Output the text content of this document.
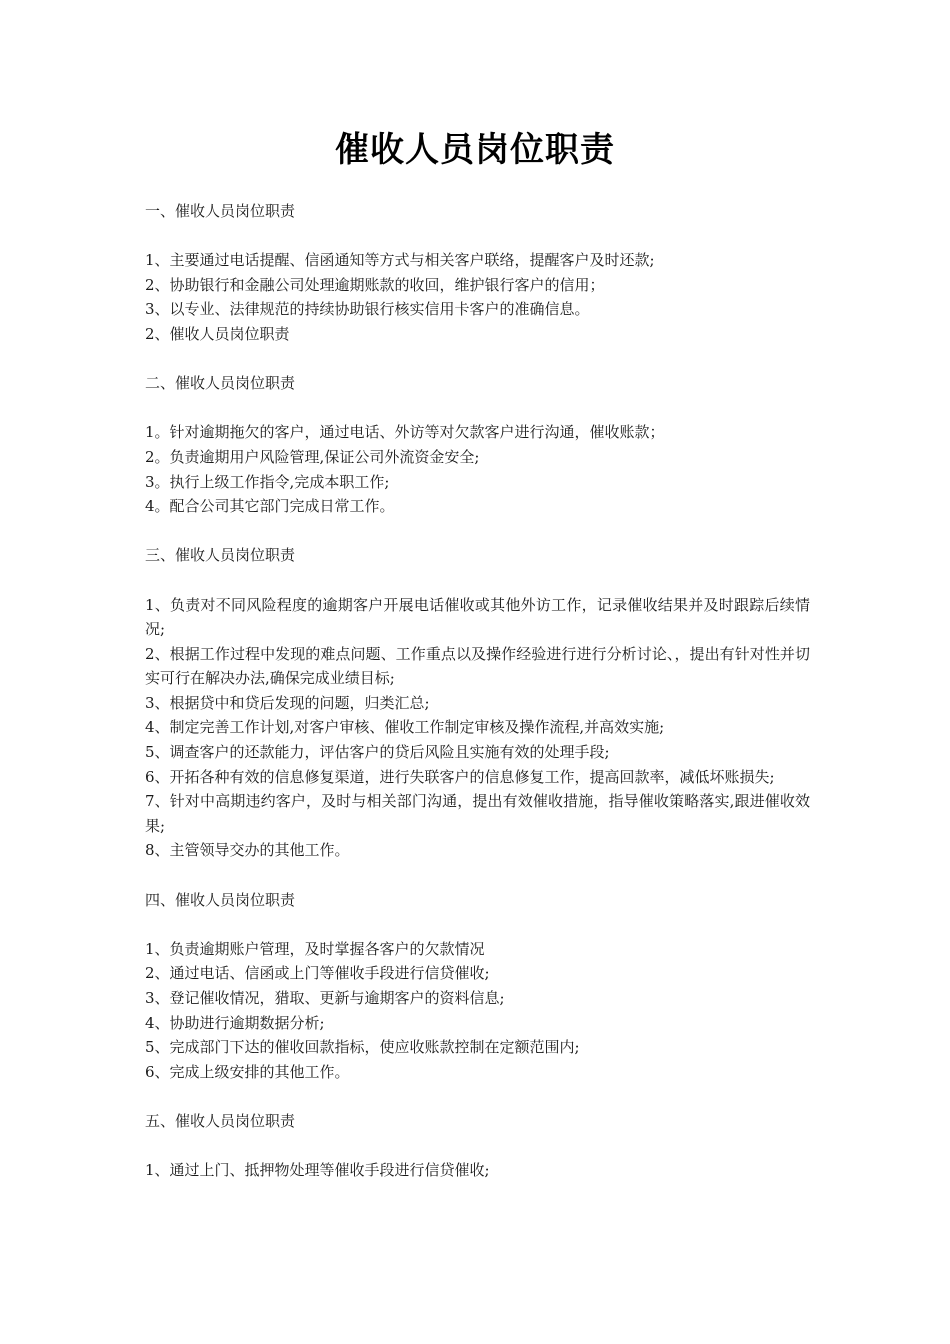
催收人员岗位职责

一、催收人员岗位职责

1、主要通过电话提醒、信函通知等方式与相关客户联络，提醒客户及时还款;

2、协助银行和金融公司处理逾期账款的收回，维护银行客户的信用；

3、以专业、法律规范的持续协助银行核实信用卡客户的准确信息。

2、催收人员岗位职责

二、催收人员岗位职责

1。针对逾期拖欠的客户，通过电话、外访等对欠款客户进行沟通，催收账款；

2。负责逾期用户风险管理,保证公司外流资金安全;

3。执行上级工作指令,完成本职工作;

4。配合公司其它部门完成日常工作。

三、催收人员岗位职责

1、负责对不同风险程度的逾期客户开展电话催收或其他外访工作，记录催收结果并及时跟踪后续情况;

2、根据工作过程中发现的难点问题、工作重点以及操作经验进行进行分析讨论、，提出有针对性并切实可行在解决办法,确保完成业绩目标;

3、根据贷中和贷后发现的问题，归类汇总;

4、制定完善工作计划,对客户审核、催收工作制定审核及操作流程,并高效实施;

5、调查客户的还款能力，评估客户的贷后风险且实施有效的处理手段;

6、开拓各种有效的信息修复渠道，进行失联客户的信息修复工作，提高回款率，减低坏账损失;

7、针对中高期违约客户，及时与相关部门沟通，提出有效催收措施，指导催收策略落实,跟进催收效果;

8、主管领导交办的其他工作。

四、催收人员岗位职责

1、负责逾期账户管理，及时掌握各客户的欠款情况

2、通过电话、信函或上门等催收手段进行信贷催收;

3、登记催收情况，猎取、更新与逾期客户的资料信息;

4、协助进行逾期数据分析;

5、完成部门下达的催收回款指标，使应收账款控制在定额范围内;

6、完成上级安排的其他工作。

五、催收人员岗位职责

1、通过上门、抵押物处理等催收手段进行信贷催收;
